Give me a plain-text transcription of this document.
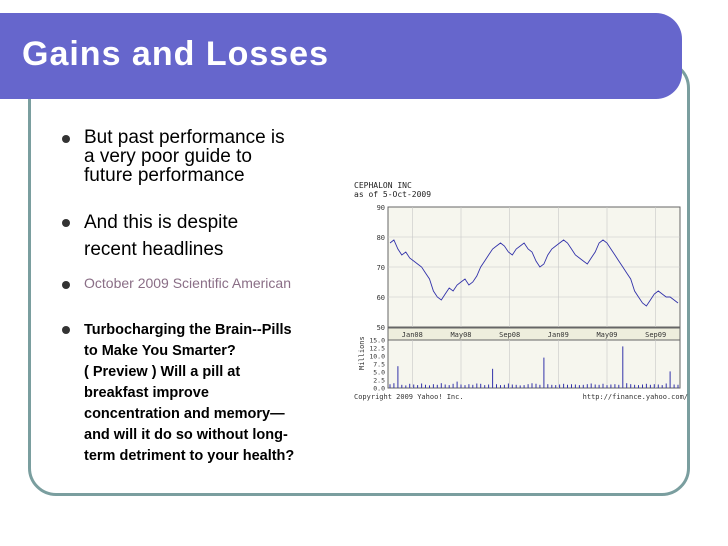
Gains and Losses
But past performance is
a very poor guide to
future performance
And this is despite
recent headlines
October 2009 Scientific American
Turbocharging the Brain--Pills
to Make You Smarter?
( Preview ) Will a pill at
breakfast improve
concentration and memory—
and will it do so without long-
term detriment to your health?
CEPHALON INC
as of 5-Oct-2009
Millions
Copyright 2009 Yahoo! Inc.	http://finance.yahoo.com/
50
60
70
80
90
Jan08	May08	Sep08	Jan09	May09	Sep09
0.0
2.5
5.0
7.5
10.0
12.5
15.0
